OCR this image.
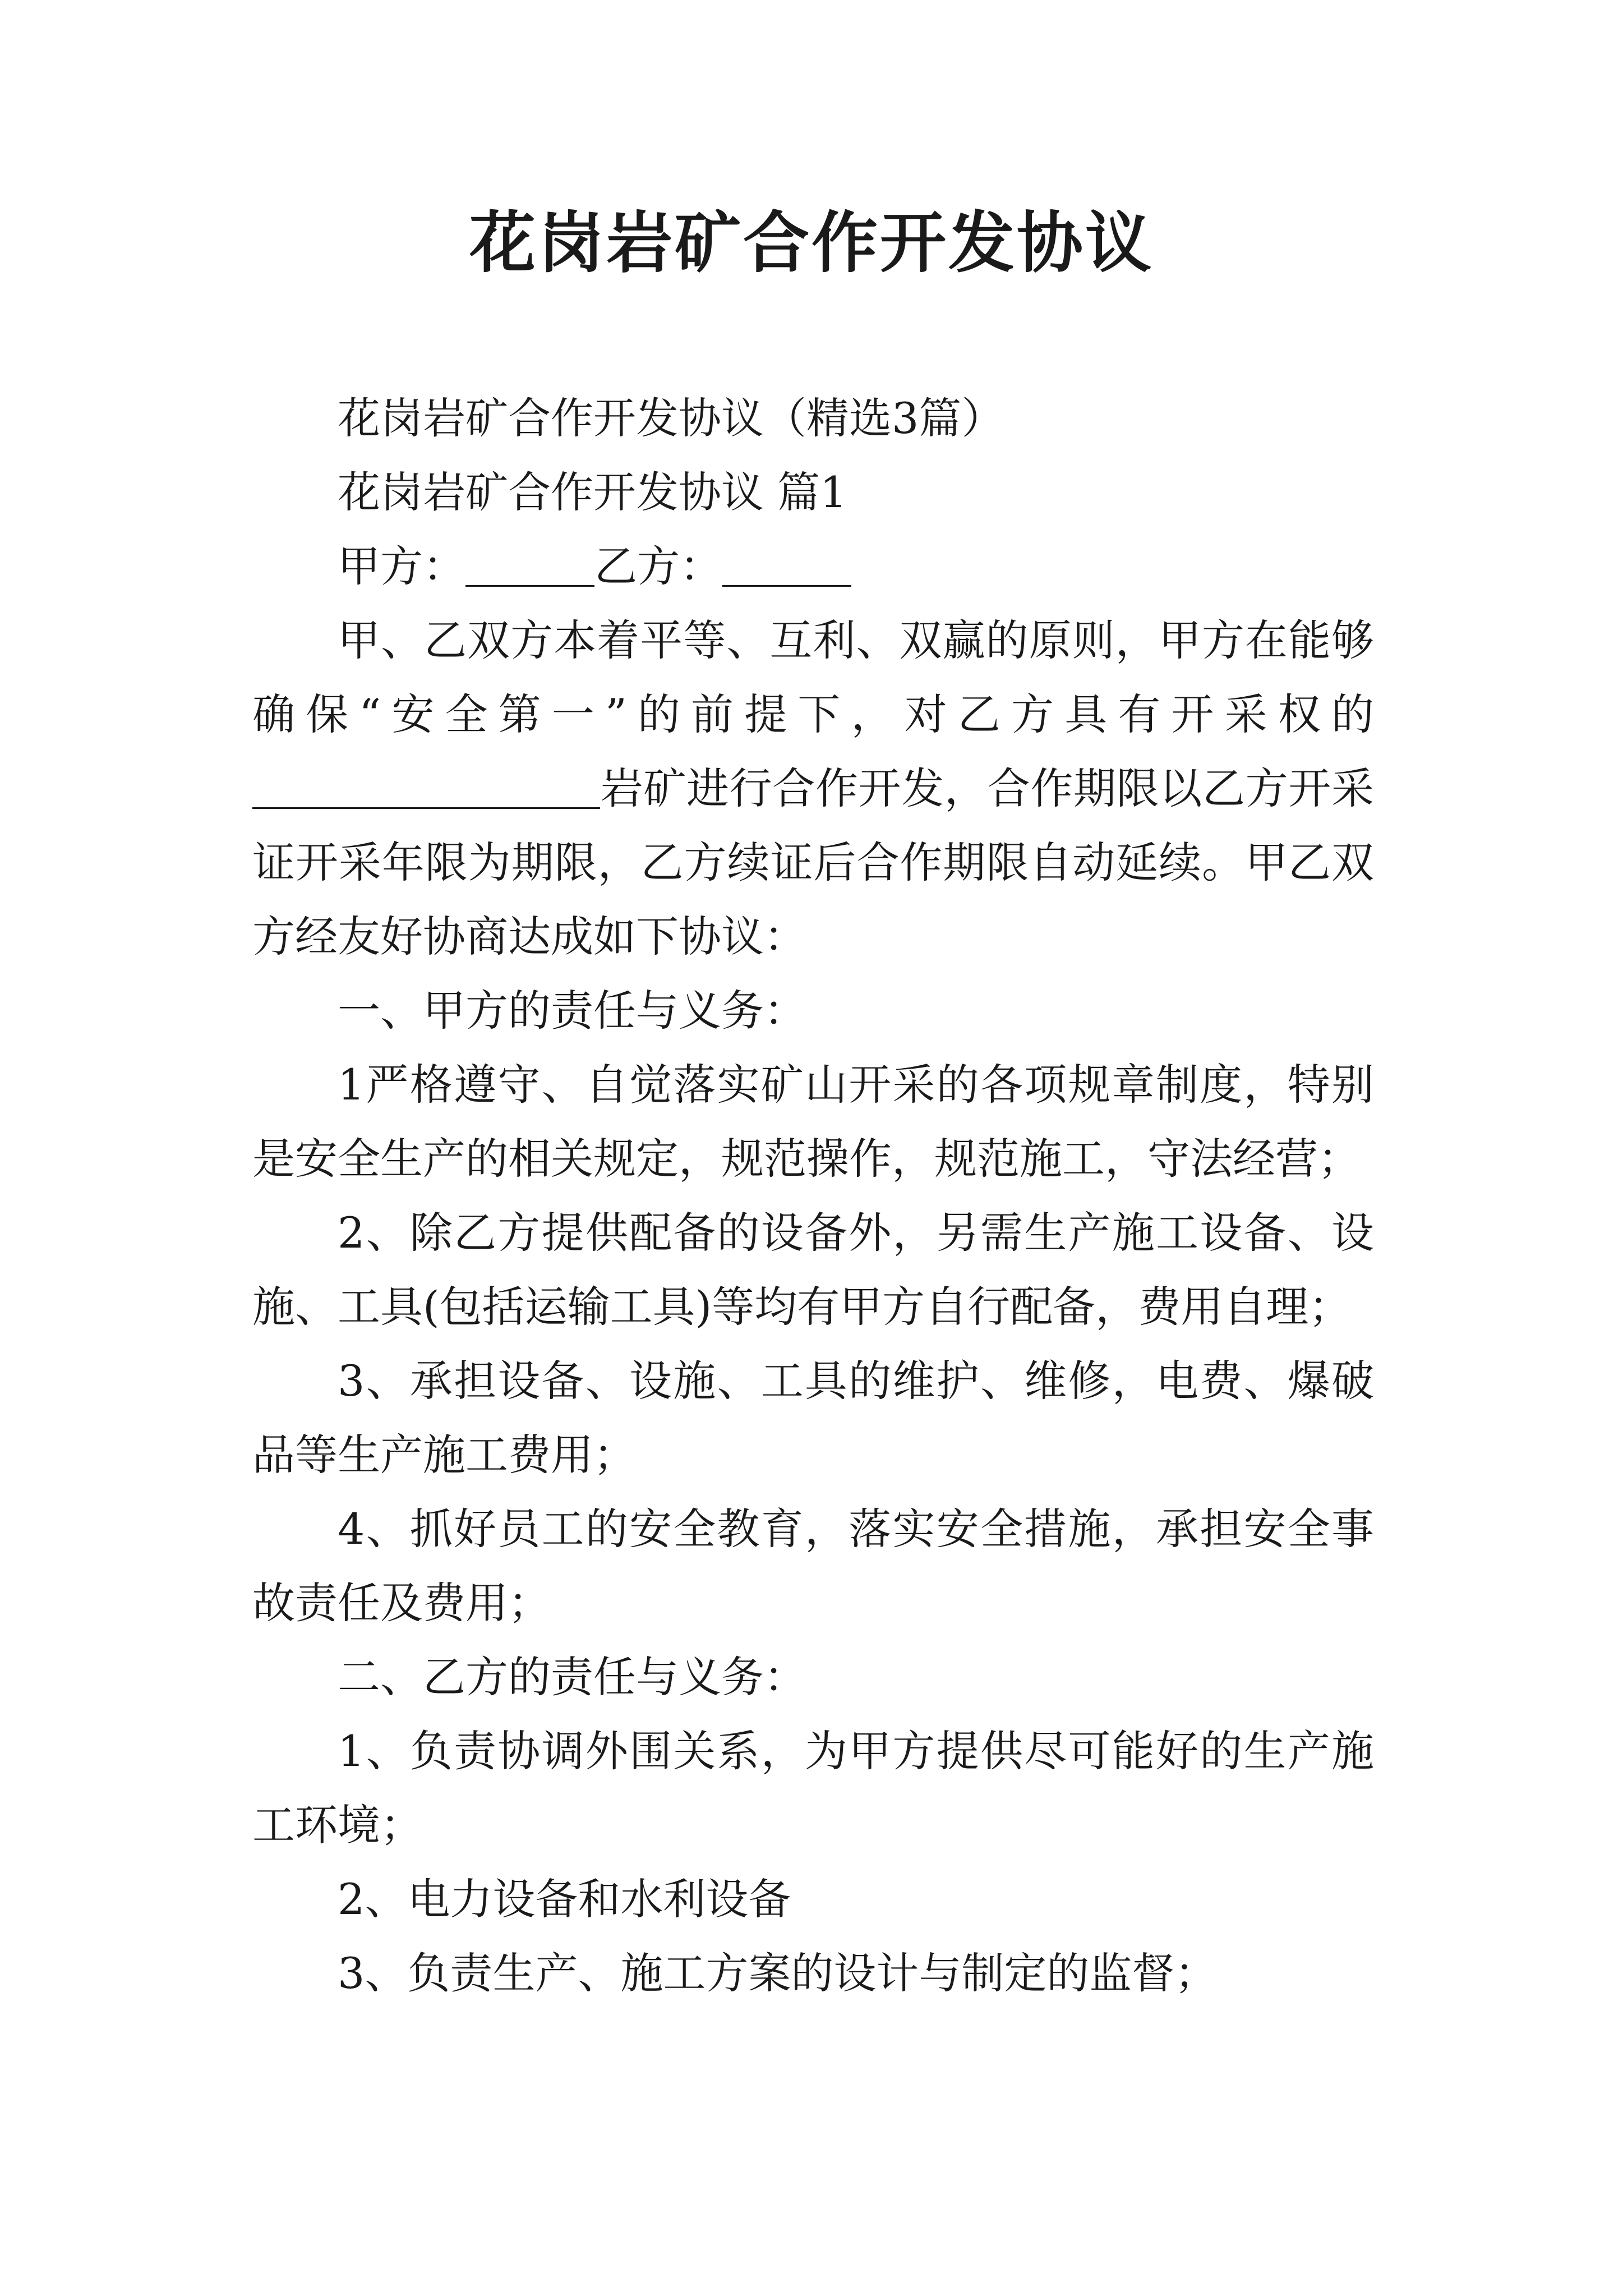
花岗岩矿合作开发协议

花岗岩矿合作开发协议（精选3篇）

花岗岩矿合作开发协议 篇1

甲方：	乙方：

甲、乙双方本着平等、互利、双赢的原则，甲方在能够确保“安全第一”的前提下，对乙方具有开采权的岩矿进行合作开发，合作期限以乙方开采证开采年限为期限，乙方续证后合作期限自动延续。甲乙双方经友好协商达成如下协议：

一、甲方的责任与义务：

1严格遵守、自觉落实矿山开采的各项规章制度，特别是安全生产的相关规定，规范操作，规范施工，守法经营；

2、除乙方提供配备的设备外，另需生产施工设备、设施、工具(包括运输工具)等均有甲方自行配备，费用自理；

3、承担设备、设施、工具的维护、维修，电费、爆破品等生产施工费用；

4、抓好员工的安全教育，落实安全措施，承担安全事故责任及费用；

二、乙方的责任与义务：

1、负责协调外围关系，为甲方提供尽可能好的生产施工环境；

2、电力设备和水利设备

3、负责生产、施工方案的设计与制定的监督；
